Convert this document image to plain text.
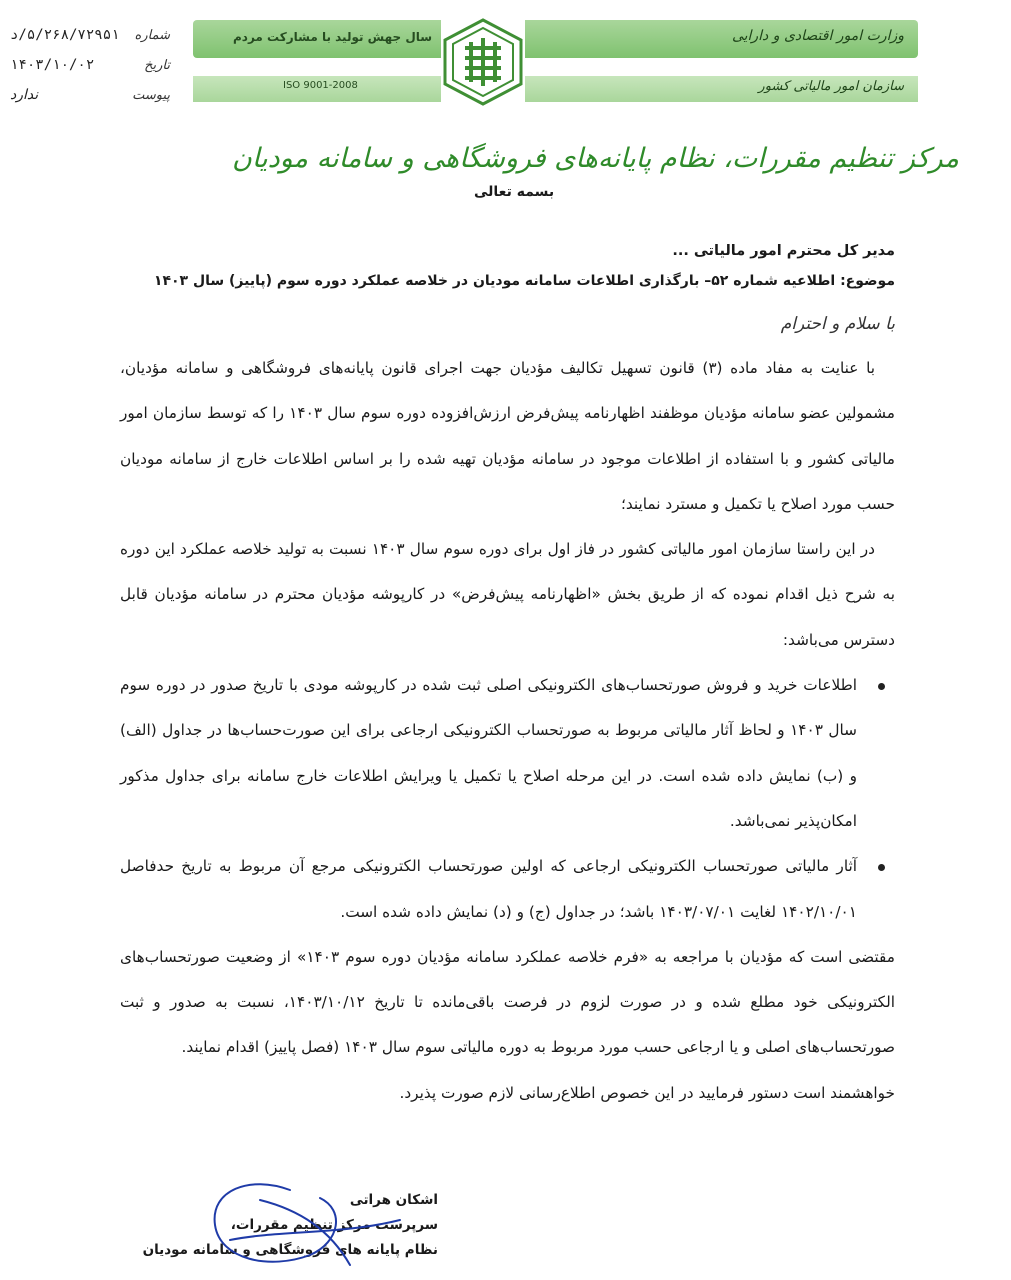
شماره
۵/۲۶۸/۷۲۹۵۱/د
تاریخ
۱۴۰۳/۱۰/۰۲
پیوست
ندارد
وزارت امور اقتصادی و دارایی
سازمان امور مالیاتی کشور
سال جهش تولید با مشارکت مردم
ISO 9001-2008
مرکز تنظیم مقررات، نظام پایانه‌های فروشگاهی و سامانه مودیان
بسمه تعالی

مدیر کل محترم امور مالیاتی ...

موضوع: اطلاعیه شماره ۵۲– بارگذاری اطلاعات سامانه مودیان در خلاصه عملکرد دوره سوم (پاییز) سال ۱۴۰۳

با سلام و احترام

با عنایت به مفاد ماده (۳) قانون تسهیل تکالیف مؤدیان جهت اجرای قانون پایانه‌های فروشگاهی و سامانه مؤدیان، مشمولین عضو سامانه مؤدیان موظفند اظهارنامه پیش‌فرض ارزش‌افزوده دوره سوم سال ۱۴۰۳ را که توسط سازمان امور مالیاتی کشور و با استفاده از اطلاعات موجود در سامانه مؤدیان تهیه شده را بر اساس اطلاعات خارج از سامانه مودیان حسب مورد اصلاح یا تکمیل و مسترد نمایند؛

در این راستا سازمان امور مالیاتی کشور در فاز اول برای دوره سوم سال ۱۴۰۳ نسبت به تولید خلاصه عملکرد این دوره به شرح ذیل اقدام نموده که از طریق بخش «اظهارنامه پیش‌فرض» در کارپوشه مؤدیان محترم در سامانه مؤدیان قابل دسترس می‌باشد:

اطلاعات خرید و فروش صورتحساب‌های الکترونیکی اصلی ثبت شده در کارپوشه مودی با تاریخ صدور در دوره سوم سال ۱۴۰۳ و لحاظ آثار مالیاتی مربوط به صورتحساب الکترونیکی ارجاعی برای این صورت‌حساب‌ها در جداول (الف) و (ب) نمایش داده شده است. در این مرحله اصلاح یا تکمیل یا ویرایش اطلاعات خارج سامانه برای جداول مذکور امکان‌پذیر نمی‌باشد.
آثار مالیاتی صورتحساب الکترونیکی ارجاعی که اولین صورتحساب الکترونیکی مرجع آن مربوط به تاریخ حدفاصل ۱۴۰۲/۱۰/۰۱ لغایت ۱۴۰۳/۰۷/۰۱ باشد؛ در جداول (ج) و (د) نمایش داده شده است.

مقتضی است که مؤدیان با مراجعه به «فرم خلاصه عملکرد سامانه مؤدیان دوره سوم ۱۴۰۳» از وضعیت صورتحساب‌های الکترونیکی خود مطلع شده و در صورت لزوم در فرصت باقی‌مانده تا تاریخ ۱۴۰۳/۱۰/۱۲، نسبت به صدور و ثبت صورتحساب‌های اصلی و یا ارجاعی حسب مورد مربوط به دوره مالیاتی سوم سال ۱۴۰۳ (فصل پاییز) اقدام نمایند.

خواهشمند است دستور فرمایید در این خصوص اطلاع‌رسانی لازم صورت پذیرد.

اشکان هراتی
سرپرست مرکز تنظیم مقررات،
نظام پایانه های فروشگاهی و سامانه مودیان
